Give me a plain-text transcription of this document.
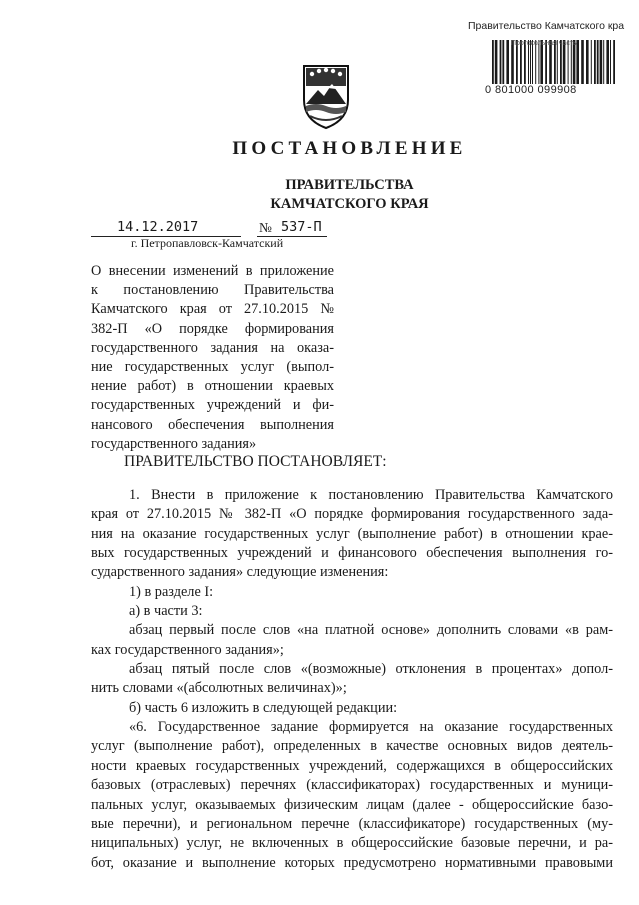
Правительство Камчатского кра
Протокольная часть
0 801000 099908
ПОСТАНОВЛЕНИЕ
ПРАВИТЕЛЬСТВА
КАМЧАТСКОГО КРАЯ
14.12.2017	№ 537-П
г. Петропавловск-Камчатский
О внесении изменений в приложение
к постановлению Правительства
Камчатского края от 27.10.2015 №
382-П «О порядке формирования
государственного задания на оказа-
ние государственных услуг (выпол-
нение работ) в отношении краевых
государственных учреждений и фи-
нансового обеспечения выполнения
государственного задания»
ПРАВИТЕЛЬСТВО ПОСТАНОВЛЯЕТ:
1. Внести в приложение к постановлению Правительства Камчатского
края от 27.10.2015 № 382-П «О порядке формирования государственного зада-
ния на оказание государственных услуг (выполнение работ) в отношении крае-
вых государственных учреждений и финансового обеспечения выполнения го-
сударственного задания» следующие изменения:
1) в разделе I:
а) в части 3:
абзац первый после слов «на платной основе» дополнить словами «в рам-
ках государственного задания»;
абзац пятый после слов «(возможные) отклонения в процентах» допол-
нить словами «(абсолютных величинах)»;
б) часть 6 изложить в следующей редакции:
«6. Государственное задание формируется на оказание государственных
услуг (выполнение работ), определенных в качестве основных видов деятель-
ности краевых государственных учреждений, содержащихся в общероссийских
базовых (отраслевых) перечнях (классификаторах) государственных и муници-
пальных услуг, оказываемых физическим лицам (далее - общероссийские базо-
вые перечни), и региональном перечне (классификаторе) государственных (му-
ниципальных) услуг, не включенных в общероссийские базовые перечни, и ра-
бот, оказание и выполнение которых предусмотрено нормативными правовыми
